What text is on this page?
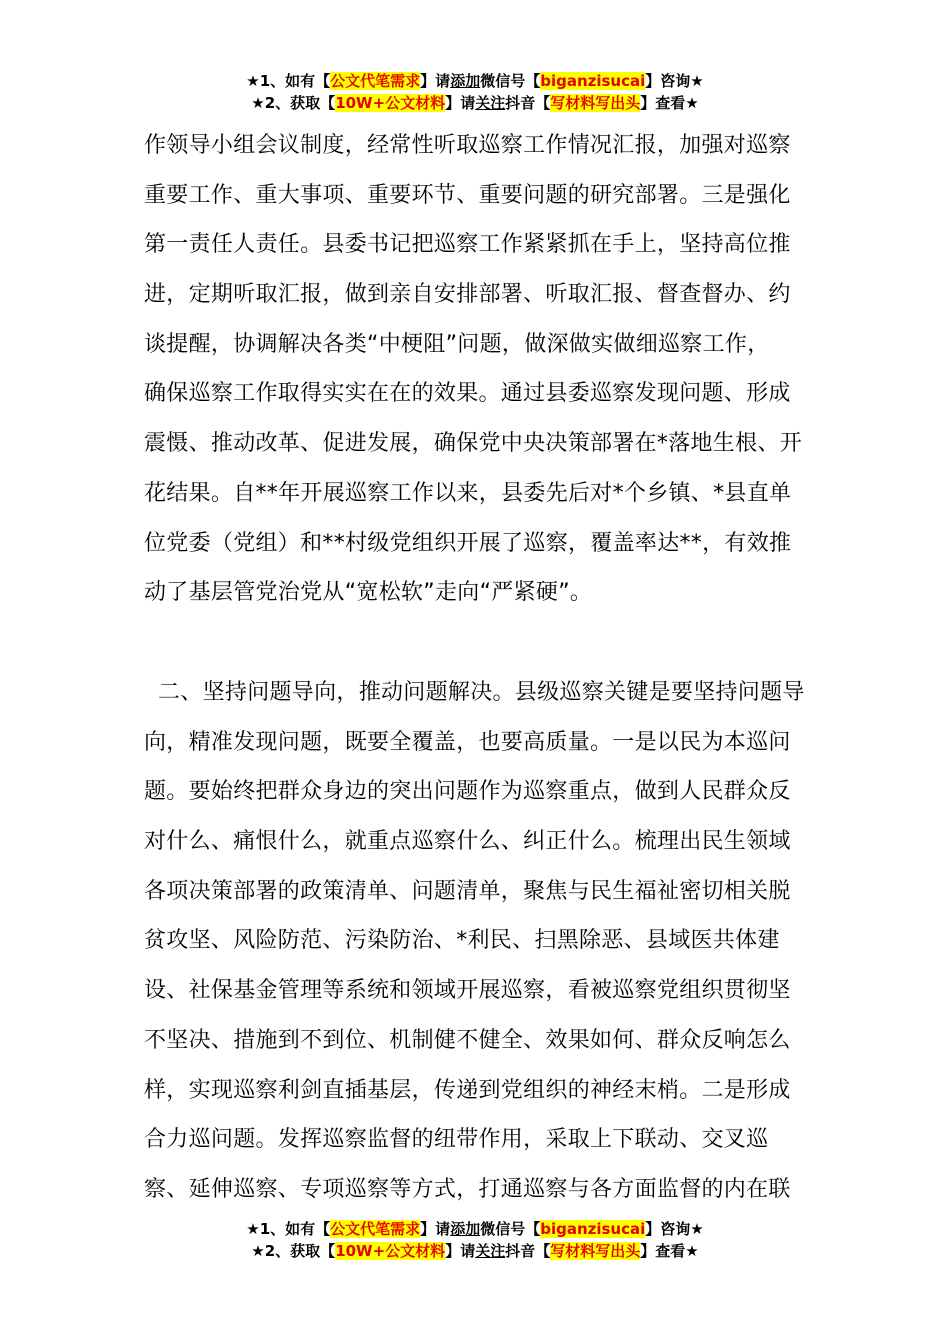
★1、如有【公文代笔需求】请添加微信号【biganzisucai】咨询★
★2、获取【10W+公文材料】请关注抖音【写材料写出头】查看★
作领导小组会议制度，经常性听取巡察工作情况汇报，加强对巡察
重要工作、重大事项、重要环节、重要问题的研究部署。三是强化
第一责任人责任。县委书记把巡察工作紧紧抓在手上，坚持高位推
进，定期听取汇报，做到亲自安排部署、听取汇报、督查督办、约
谈提醒，协调解决各类“中梗阻”问题，做深做实做细巡察工作，
确保巡察工作取得实实在在的效果。通过县委巡察发现问题、形成
震慑、推动改革、促进发展，确保党中央决策部署在*落地生根、开
花结果。自**年开展巡察工作以来，县委先后对*个乡镇、*县直单
位党委（党组）和**村级党组织开展了巡察，覆盖率达**，有效推
动了基层管党治党从“宽松软”走向“严紧硬”。
二、坚持问题导向，推动问题解决。县级巡察关键是要坚持问题导
向，精准发现问题，既要全覆盖，也要高质量。一是以民为本巡问
题。要始终把群众身边的突出问题作为巡察重点，做到人民群众反
对什么、痛恨什么，就重点巡察什么、纠正什么。梳理出民生领域
各项决策部署的政策清单、问题清单，聚焦与民生福祉密切相关脱
贫攻坚、风险防范、污染防治、*利民、扫黑除恶、县域医共体建
设、社保基金管理等系统和领域开展巡察，看被巡察党组织贯彻坚
不坚决、措施到不到位、机制健不健全、效果如何、群众反响怎么
样，实现巡察利剑直插基层，传递到党组织的神经末梢。二是形成
合力巡问题。发挥巡察监督的纽带作用，采取上下联动、交叉巡
察、延伸巡察、专项巡察等方式，打通巡察与各方面监督的内在联
★1、如有【公文代笔需求】请添加微信号【biganzisucai】咨询★
★2、获取【10W+公文材料】请关注抖音【写材料写出头】查看★
